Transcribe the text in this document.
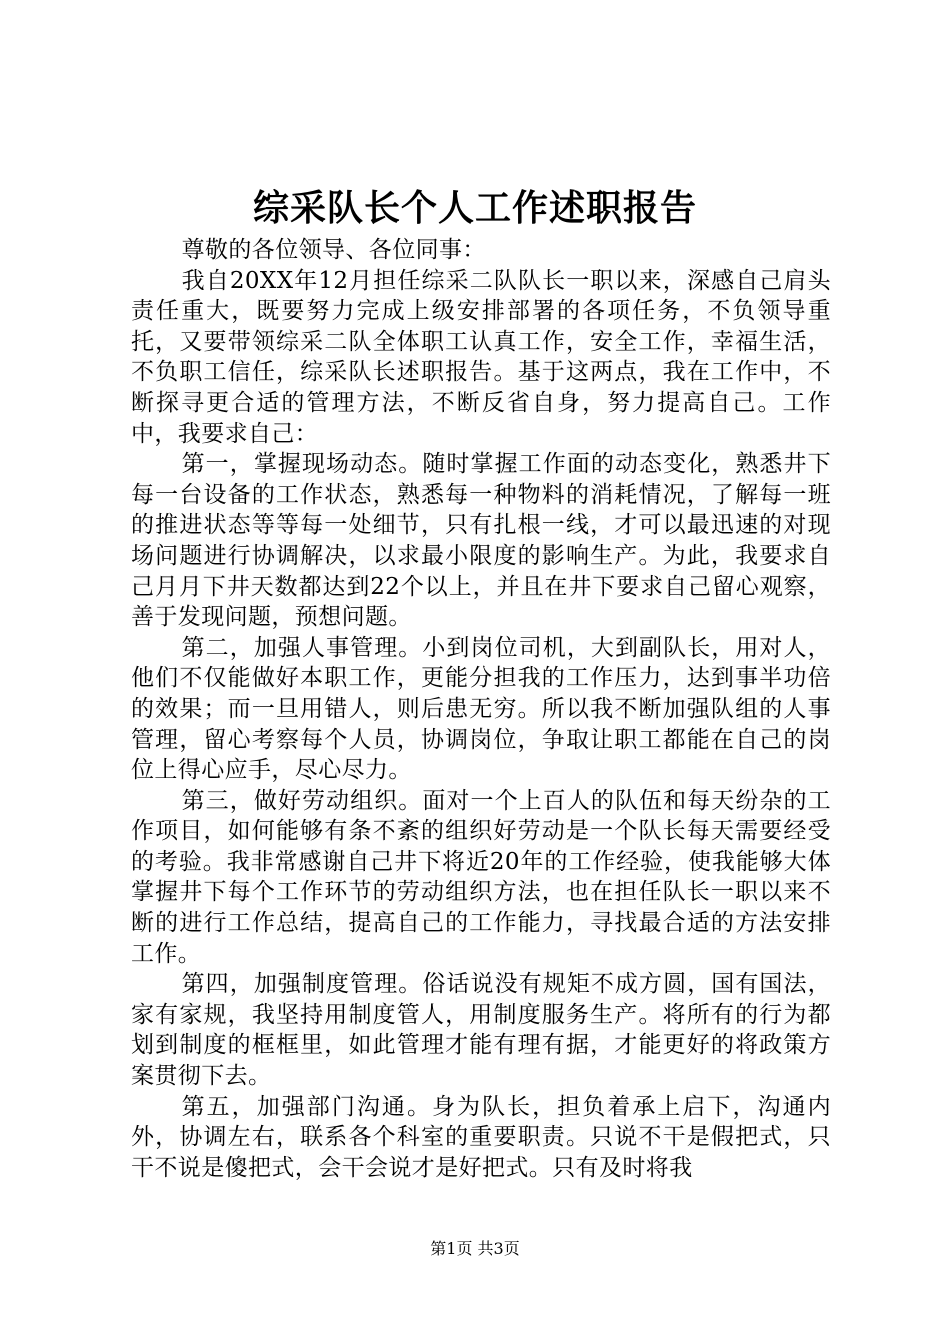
综采队长个人工作述职报告

尊敬的各位领导、各位同事：

我自20XX年12月担任综采二队队长一职以来，深感自己肩头责任重大，既要努力完成上级安排部署的各项任务，不负领导重托，又要带领综采二队全体职工认真工作，安全工作，幸福生活，不负职工信任，综采队长述职报告。基于这两点，我在工作中，不断探寻更合适的管理方法，不断反省自身，努力提高自己。工作中，我要求自己：

第一，掌握现场动态。随时掌握工作面的动态变化，熟悉井下每一台设备的工作状态，熟悉每一种物料的消耗情况，了解每一班的推进状态等等每一处细节，只有扎根一线，才可以最迅速的对现场问题进行协调解决，以求最小限度的影响生产。为此，我要求自己月月下井天数都达到22个以上，并且在井下要求自己留心观察，善于发现问题，预想问题。

第二，加强人事管理。小到岗位司机，大到副队长，用对人，他们不仅能做好本职工作，更能分担我的工作压力，达到事半功倍的效果；而一旦用错人，则后患无穷。所以我不断加强队组的人事管理，留心考察每个人员，协调岗位，争取让职工都能在自己的岗位上得心应手，尽心尽力。

第三，做好劳动组织。面对一个上百人的队伍和每天纷杂的工作项目，如何能够有条不紊的组织好劳动是一个队长每天需要经受的考验。我非常感谢自己井下将近20年的工作经验，使我能够大体掌握井下每个工作环节的劳动组织方法，也在担任队长一职以来不断的进行工作总结，提高自己的工作能力，寻找最合适的方法安排工作。

第四，加强制度管理。俗话说没有规矩不成方圆，国有国法，家有家规，我坚持用制度管人，用制度服务生产。将所有的行为都划到制度的框框里，如此管理才能有理有据，才能更好的将政策方案贯彻下去。

第五，加强部门沟通。身为队长，担负着承上启下，沟通内外，协调左右，联系各个科室的重要职责。只说不干是假把式，只干不说是傻把式，会干会说才是好把式。只有及时将我

第1页 共3页
